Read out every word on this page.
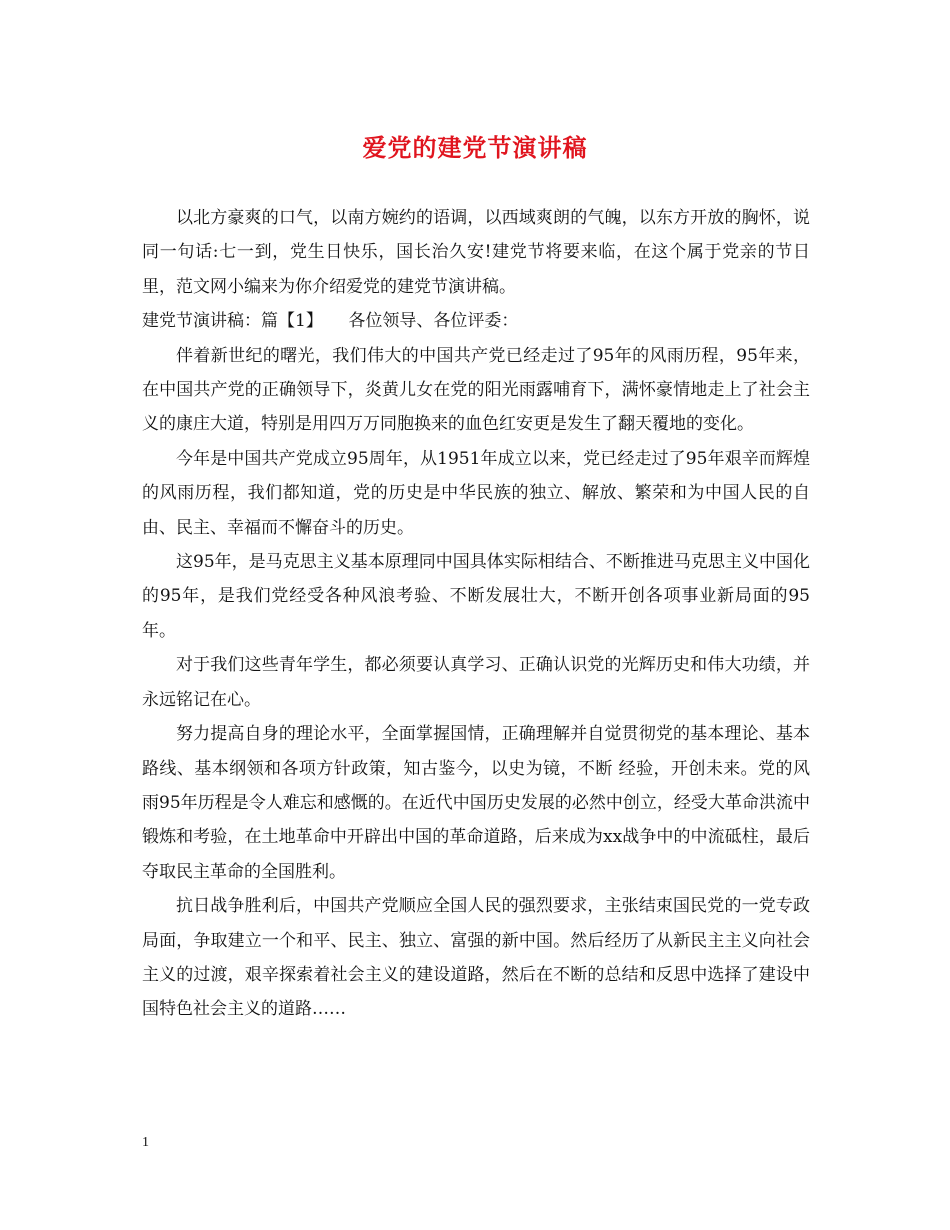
爱党的建党节演讲稿

以北方豪爽的口气，以南方婉约的语调，以西域爽朗的气魄，以东方开放的胸怀，说同一句话:七一到，党生日快乐，国长治久安!建党节将要来临，在这个属于党亲的节日里，范文网小编来为你介绍爱党的建党节演讲稿。

建党节演讲稿：篇【1】　　各位领导、各位评委：

伴着新世纪的曙光，我们伟大的中国共产党已经走过了95年的风雨历程，95年来，在中国共产党的正确领导下，炎黄儿女在党的阳光雨露哺育下，满怀豪情地走上了社会主义的康庄大道，特别是用四万万同胞换来的血色红安更是发生了翻天覆地的变化。

今年是中国共产党成立95周年，从1951年成立以来，党已经走过了95年艰辛而辉煌的风雨历程，我们都知道，党的历史是中华民族的独立、解放、繁荣和为中国人民的自由、民主、幸福而不懈奋斗的历史。

这95年，是马克思主义基本原理同中国具体实际相结合、不断推进马克思主义中国化的95年，是我们党经受各种风浪考验、不断发展壮大，不断开创各项事业新局面的95年。

对于我们这些青年学生，都必须要认真学习、正确认识党的光辉历史和伟大功绩，并永远铭记在心。

努力提高自身的理论水平，全面掌握国情，正确理解并自觉贯彻党的基本理论、基本路线、基本纲领和各项方针政策，知古鉴今，以史为镜，不断 经验，开创未来。党的风雨95年历程是令人难忘和感慨的。在近代中国历史发展的必然中创立，经受大革命洪流中锻炼和考验，在土地革命中开辟出中国的革命道路，后来成为xx战争中的中流砥柱，最后夺取民主革命的全国胜利。

抗日战争胜利后，中国共产党顺应全国人民的强烈要求，主张结束国民党的一党专政局面，争取建立一个和平、民主、独立、富强的新中国。然后经历了从新民主主义向社会主义的过渡，艰辛探索着社会主义的建设道路，然后在不断的总结和反思中选择了建设中国特色社会主义的道路……

1
